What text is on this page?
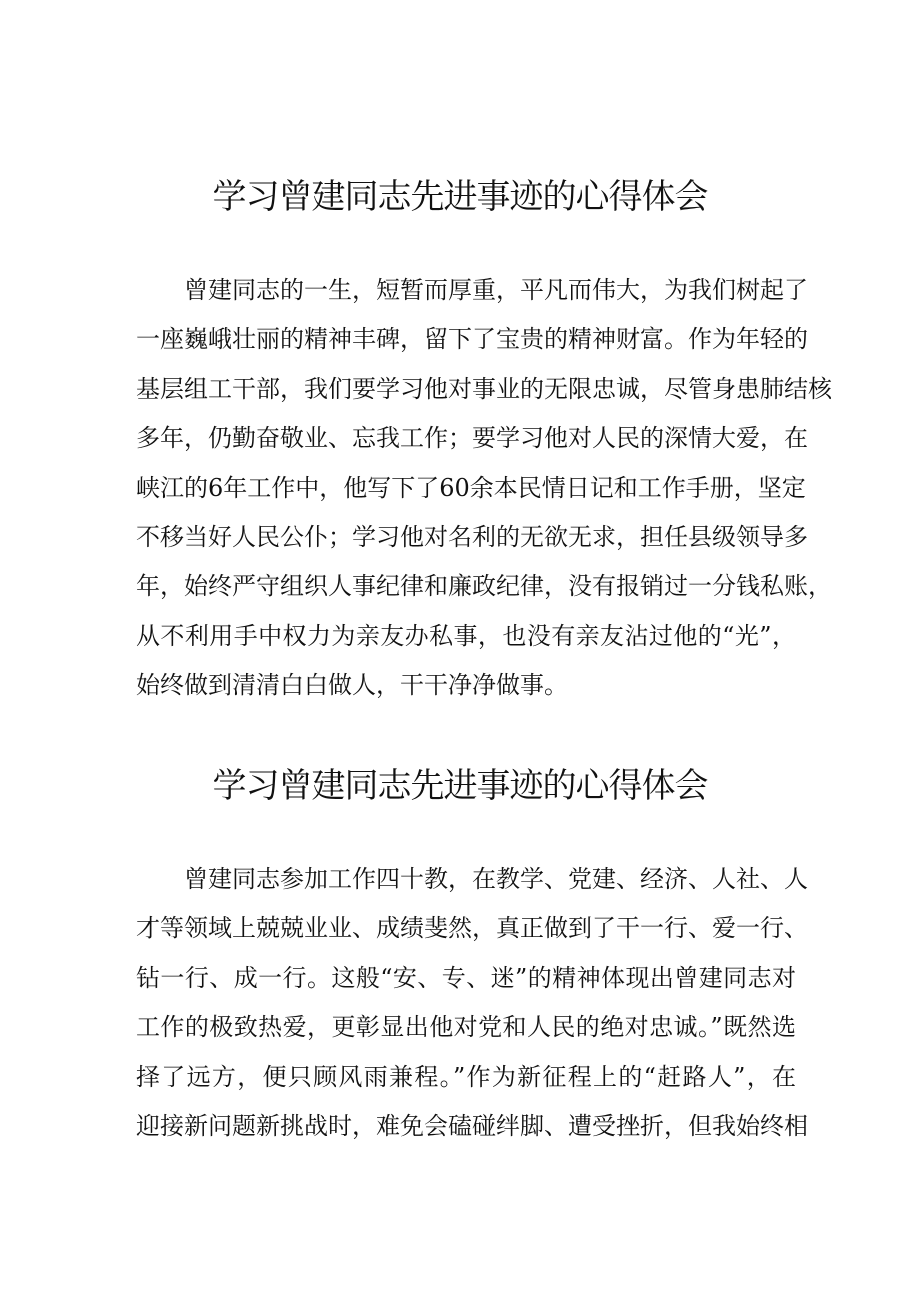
学习曾建同志先进事迹的心得体会
曾建同志的一生，短暂而厚重，平凡而伟大，为我们树起了
一座巍峨壮丽的精神丰碑，留下了宝贵的精神财富。作为年轻的
基层组工干部，我们要学习他对事业的无限忠诚，尽管身患肺结核
多年，仍勤奋敬业、忘我工作；要学习他对人民的深情大爱，在
峡江的6年工作中，他写下了60余本民情日记和工作手册，坚定
不移当好人民公仆；学习他对名利的无欲无求，担任县级领导多
年，始终严守组织人事纪律和廉政纪律，没有报销过一分钱私账，
从不利用手中权力为亲友办私事，也没有亲友沾过他的“光”，
始终做到清清白白做人，干干净净做事。
学习曾建同志先进事迹的心得体会
曾建同志参加工作四十教，在教学、党建、经济、人社、人
才等领域上兢兢业业、成绩斐然，真正做到了干一行、爱一行、
钻一行、成一行。这般“安、专、迷”的精神体现出曾建同志对
工作的极致热爱，更彰显出他对党和人民的绝对忠诚。”既然选
择了远方，便只顾风雨兼程。”作为新征程上的“赶路人”，在
迎接新问题新挑战时，难免会磕碰绊脚、遭受挫折，但我始终相
